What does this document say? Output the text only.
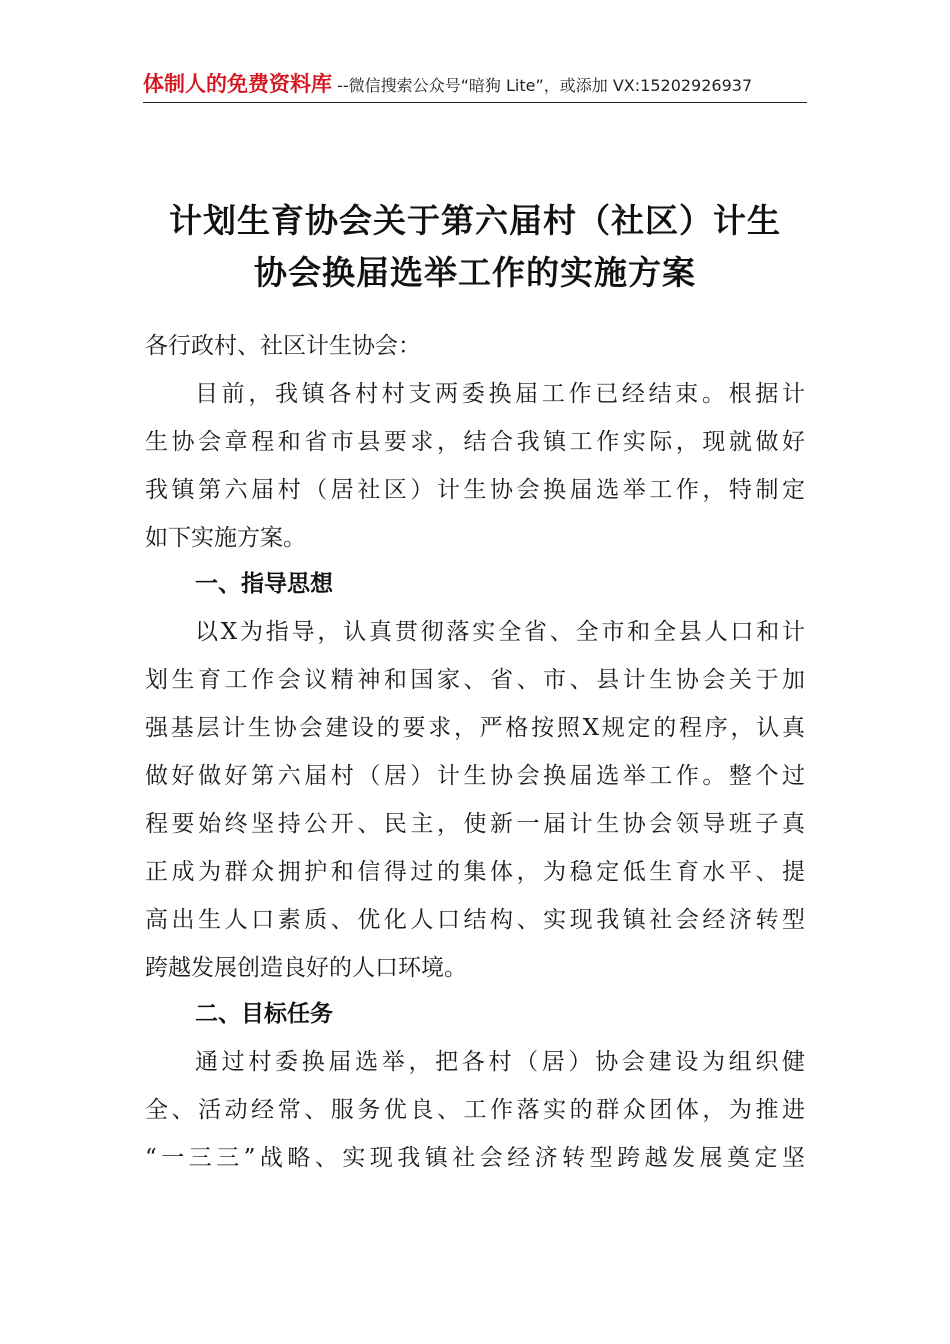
体制人的免费资料库 --微信搜索公众号“暗狗 Lite”，或添加 VX:15202926937
计划生育协会关于第六届村（社区）计生
协会换届选举工作的实施方案
各行政村、社区计生协会：
目前，我镇各村村支两委换届工作已经结束。根据计
生协会章程和省市县要求，结合我镇工作实际，现就做好
我镇第六届村（居社区）计生协会换届选举工作，特制定
如下实施方案。
一、指导思想
以X为指导，认真贯彻落实全省、全市和全县人口和计
划生育工作会议精神和国家、省、市、县计生协会关于加
强基层计生协会建设的要求，严格按照X规定的程序，认真
做好做好第六届村（居）计生协会换届选举工作。整个过
程要始终坚持公开、民主，使新一届计生协会领导班子真
正成为群众拥护和信得过的集体，为稳定低生育水平、提
高出生人口素质、优化人口结构、实现我镇社会经济转型
跨越发展创造良好的人口环境。
二、目标任务
通过村委换届选举，把各村（居）协会建设为组织健
全、活动经常、服务优良、工作落实的群众团体，为推进
“一三三”战略、实现我镇社会经济转型跨越发展奠定坚
